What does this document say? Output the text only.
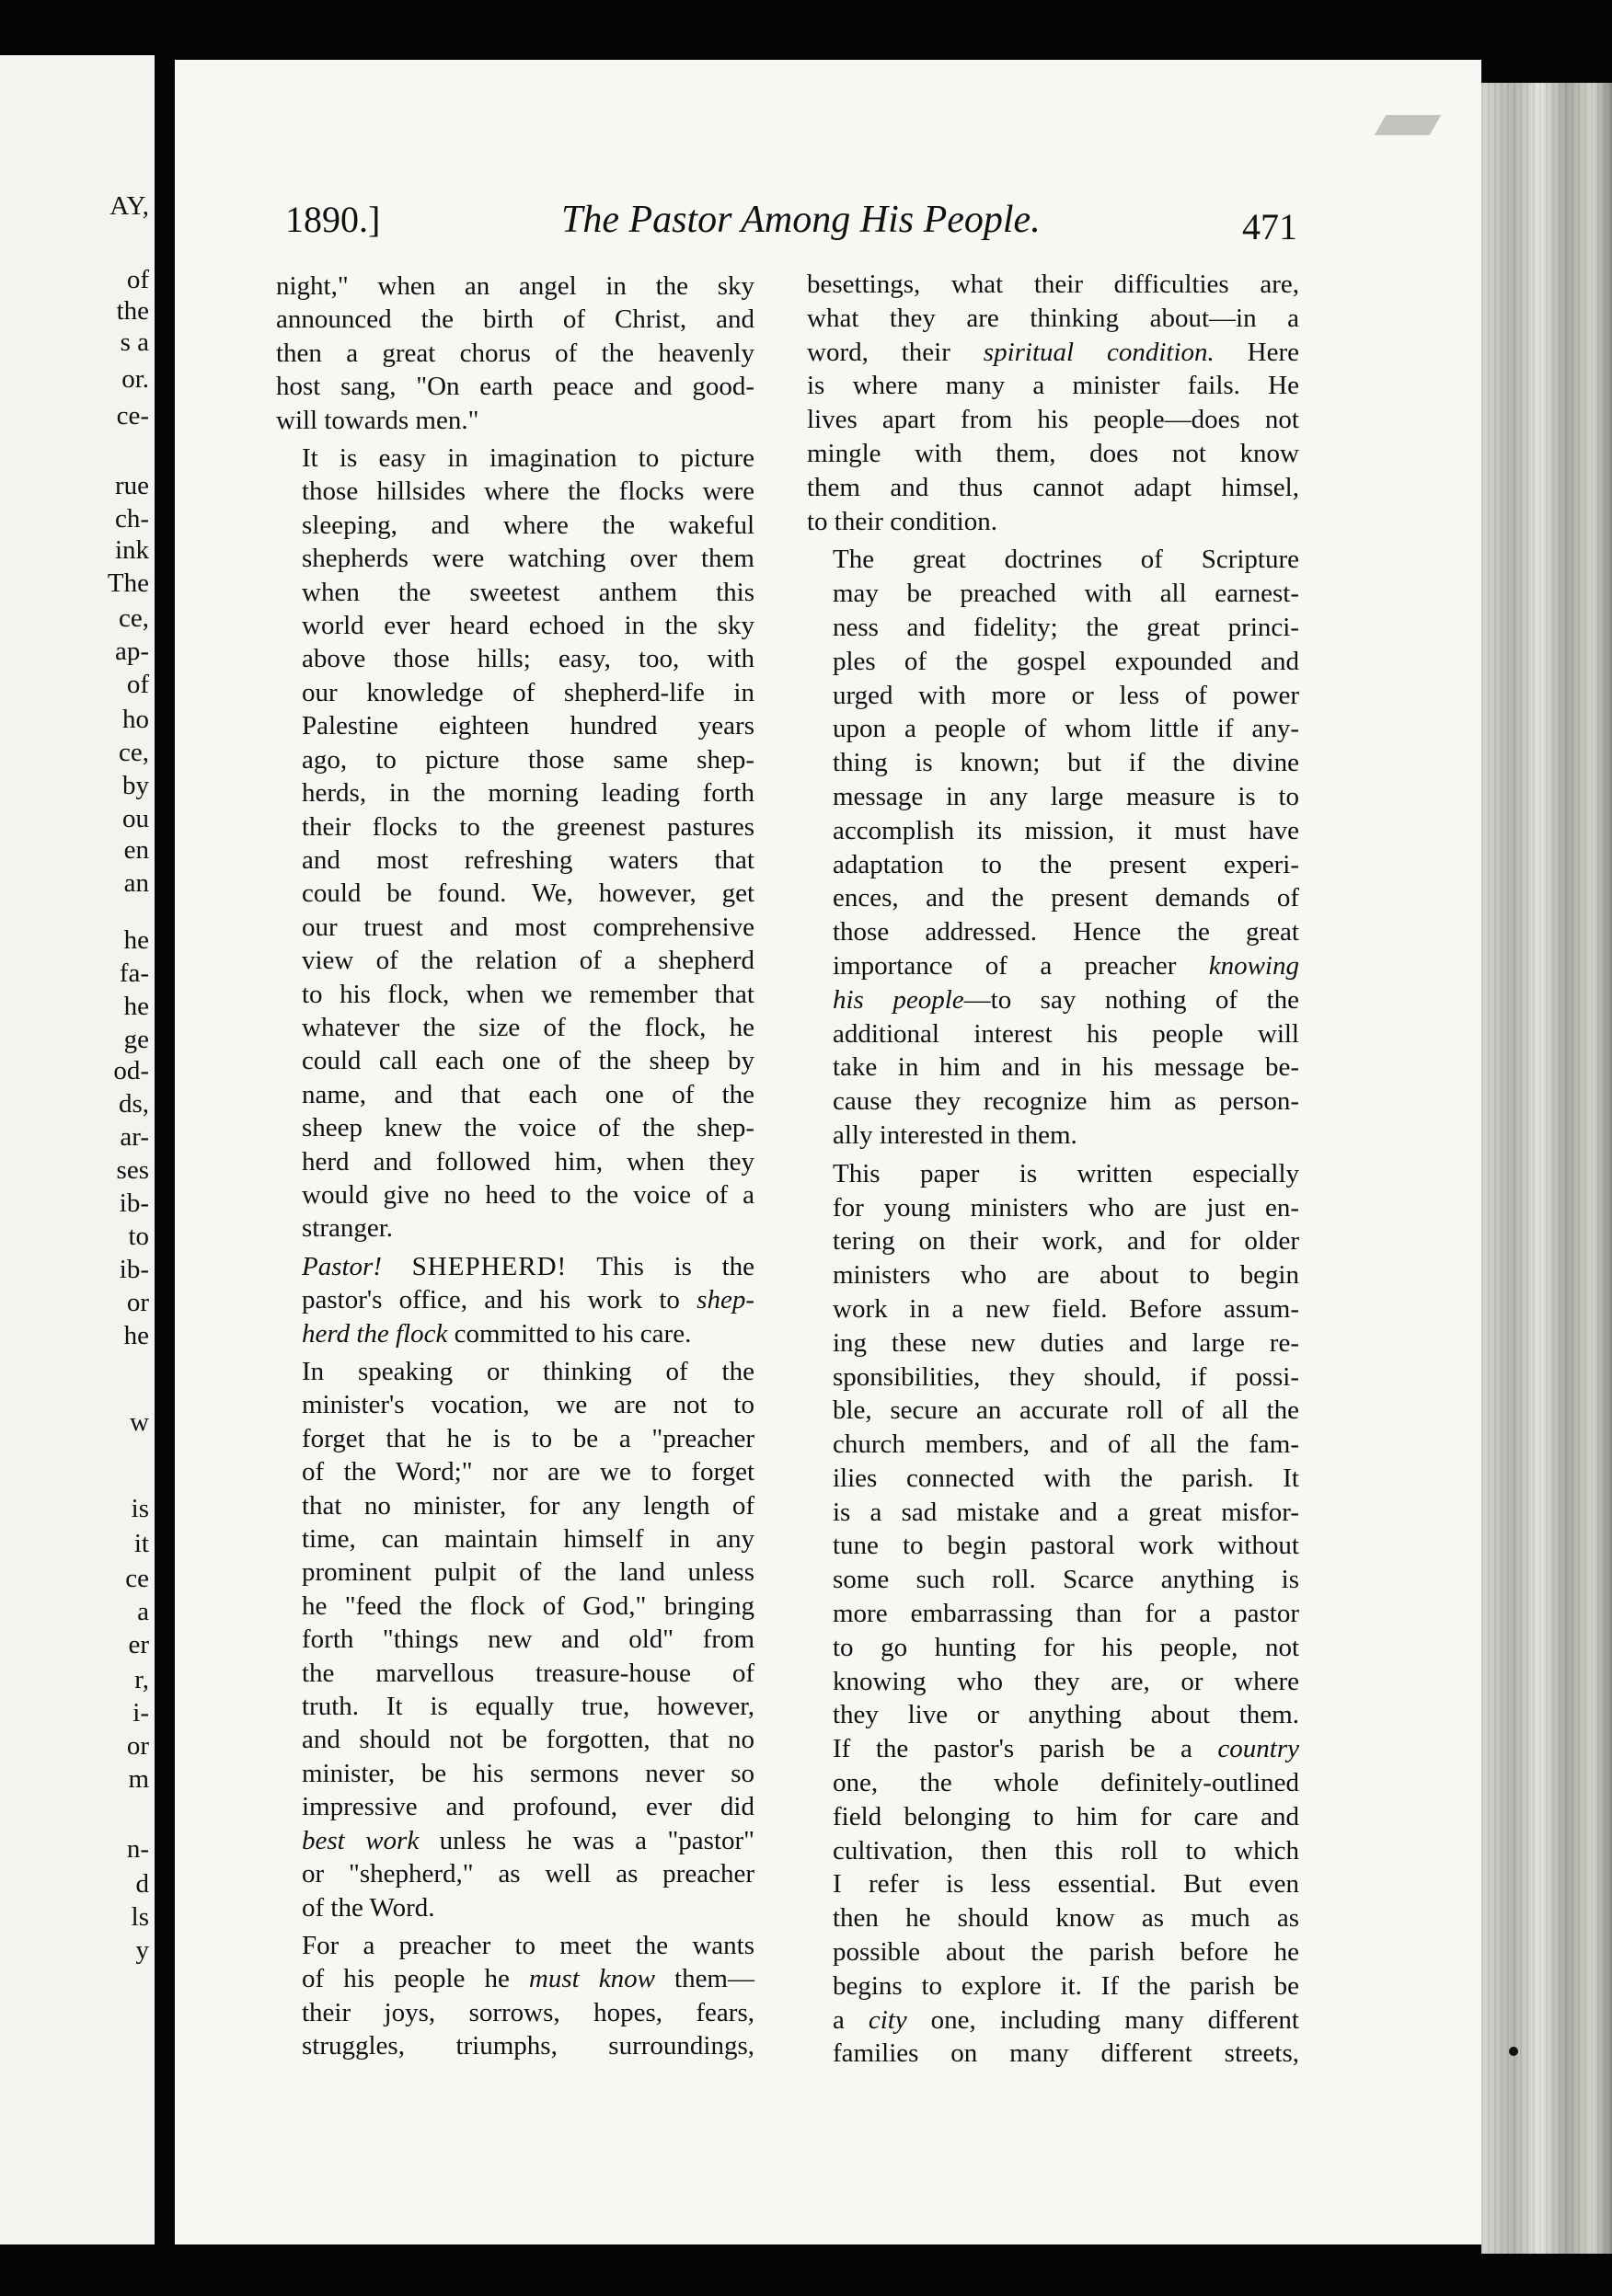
AY,
of
the
s a
or.
ce-
rue
ch-
ink
The
ce,
ap-
of
ho
ce,
by
ou
en
an
he
fa-
he
ge
od-
ds,
ar-
ses
ib-
to
ib-
or
he
w
is
it
ce
a
er
r,
i-
or
m
n-
d
ls
y
1890.]	The Pastor Among His People.	471

night," when an angel in the sky
announced the birth of Christ, and
then a great chorus of the heavenly
host sang, "On earth peace and good-
will towards men."

It is easy in imagination to picture
those hillsides where the flocks were
sleeping, and where the wakeful
shepherds were watching over them
when the sweetest anthem this
world ever heard echoed in the sky
above those hills; easy, too, with
our knowledge of shepherd-life in
Palestine eighteen hundred years
ago, to picture those same shep-
herds, in the morning leading forth
their flocks to the greenest pastures
and most refreshing waters that
could be found. We, however, get
our truest and most comprehensive
view of the relation of a shepherd
to his flock, when we remember that
whatever the size of the flock, he
could call each one of the sheep by
name, and that each one of the
sheep knew the voice of the shep-
herd and followed him, when they
would give no heed to the voice of a
stranger.

Pastor! SHEPHERD! This is the
pastor's office, and his work to shep-
herd the flock committed to his care.

In speaking or thinking of the
minister's vocation, we are not to
forget that he is to be a "preacher
of the Word;" nor are we to forget
that no minister, for any length of
time, can maintain himself in any
prominent pulpit of the land unless
he "feed the flock of God," bringing
forth "things new and old" from
the marvellous treasure-house of
truth. It is equally true, however,
and should not be forgotten, that no
minister, be his sermons never so
impressive and profound, ever did
best work unless he was a "pastor"
or "shepherd," as well as preacher
of the Word.

For a preacher to meet the wants
of his people he must know them—
their joys, sorrows, hopes, fears,
struggles, triumphs, surroundings,

besettings, what their difficulties are,
what they are thinking about—in a
word, their spiritual condition. Here
is where many a minister fails. He
lives apart from his people—does not
mingle with them, does not know
them and thus cannot adapt himsel,
to their condition.

The great doctrines of Scripture
may be preached with all earnest-
ness and fidelity; the great princi-
ples of the gospel expounded and
urged with more or less of power
upon a people of whom little if any-
thing is known; but if the divine
message in any large measure is to
accomplish its mission, it must have
adaptation to the present experi-
ences, and the present demands of
those addressed. Hence the great
importance of a preacher knowing
his people—to say nothing of the
additional interest his people will
take in him and in his message be-
cause they recognize him as person-
ally interested in them.

This paper is written especially
for young ministers who are just en-
tering on their work, and for older
ministers who are about to begin
work in a new field. Before assum-
ing these new duties and large re-
sponsibilities, they should, if possi-
ble, secure an accurate roll of all the
church members, and of all the fam-
ilies connected with the parish. It
is a sad mistake and a great misfor-
tune to begin pastoral work without
some such roll. Scarce anything is
more embarrassing than for a pastor
to go hunting for his people, not
knowing who they are, or where
they live or anything about them.
If the pastor's parish be a country
one, the whole definitely-outlined
field belonging to him for care and
cultivation, then this roll to which
I refer is less essential. But even
then he should know as much as
possible about the parish before he
begins to explore it. If the parish be
a city one, including many different
families on many different streets,
